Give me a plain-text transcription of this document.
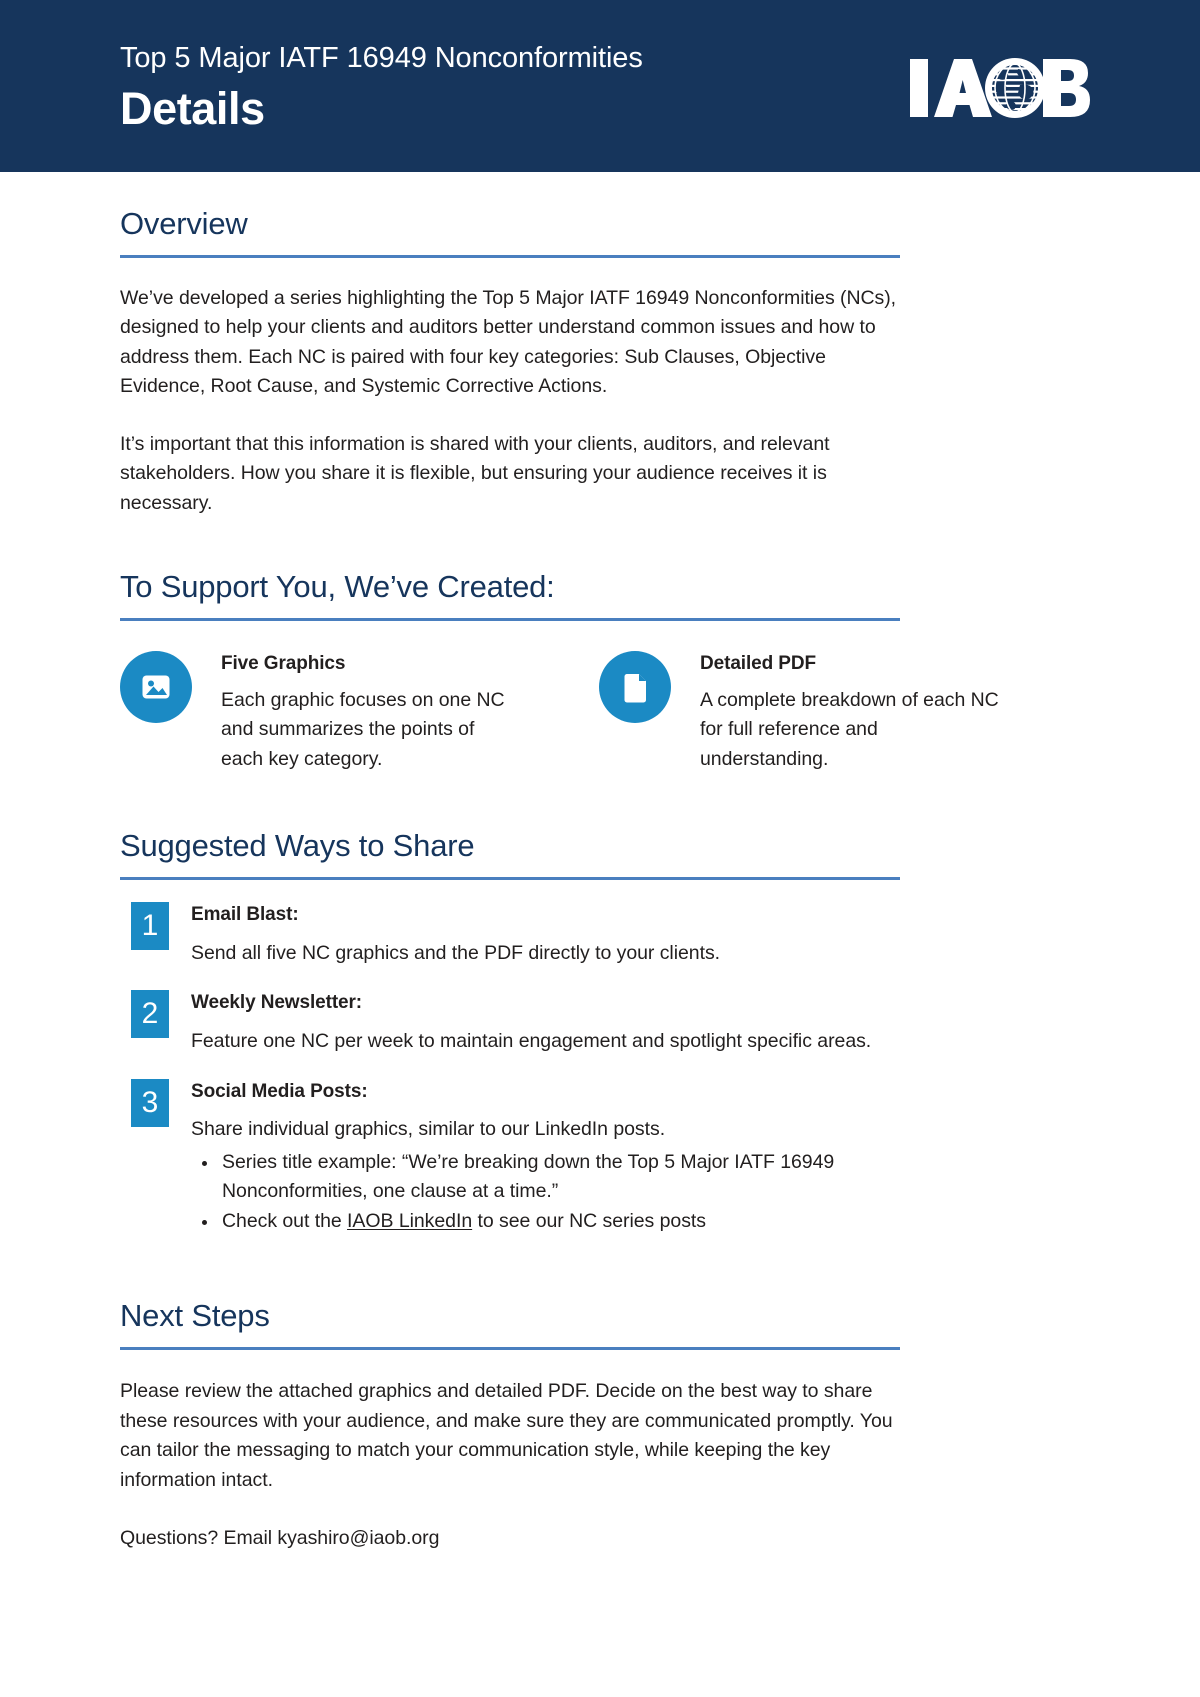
Top 5 Major IATF 16949 Nonconformities
Details
Overview

We’ve developed a series highlighting the Top 5 Major IATF 16949 Nonconformities (NCs), designed to help your clients and auditors better understand common issues and how to address them. Each NC is paired with four key categories: Sub Clauses, Objective Evidence, Root Cause, and Systemic Corrective Actions.

It’s important that this information is shared with your clients, auditors, and relevant stakeholders. How you share it is flexible, but ensuring your audience receives it is necessary.

To Support You, We’ve Created:
Five Graphics
Each graphic focuses on one NC and summarizes the points of each key category.
Detailed PDF
A complete breakdown of each NC for full reference and understanding.
Suggested Ways to Share
1	Email Blast:
Send all five NC graphics and the PDF directly to your clients.
2	Weekly Newsletter:
Feature one NC per week to maintain engagement and spotlight specific areas.
3	Social Media Posts:
Share individual graphics, similar to our LinkedIn posts.
Series title example: “We’re breaking down the Top 5 Major IATF 16949 Nonconformities, one clause at a time.”
Check out the IAOB LinkedIn to see our NC series posts
Next Steps

Please review the attached graphics and detailed PDF. Decide on the best way to share these resources with your audience, and make sure they are communicated promptly. You can tailor the messaging to match your communication style, while keeping the key information intact.

Questions? Email kyashiro@iaob.org
